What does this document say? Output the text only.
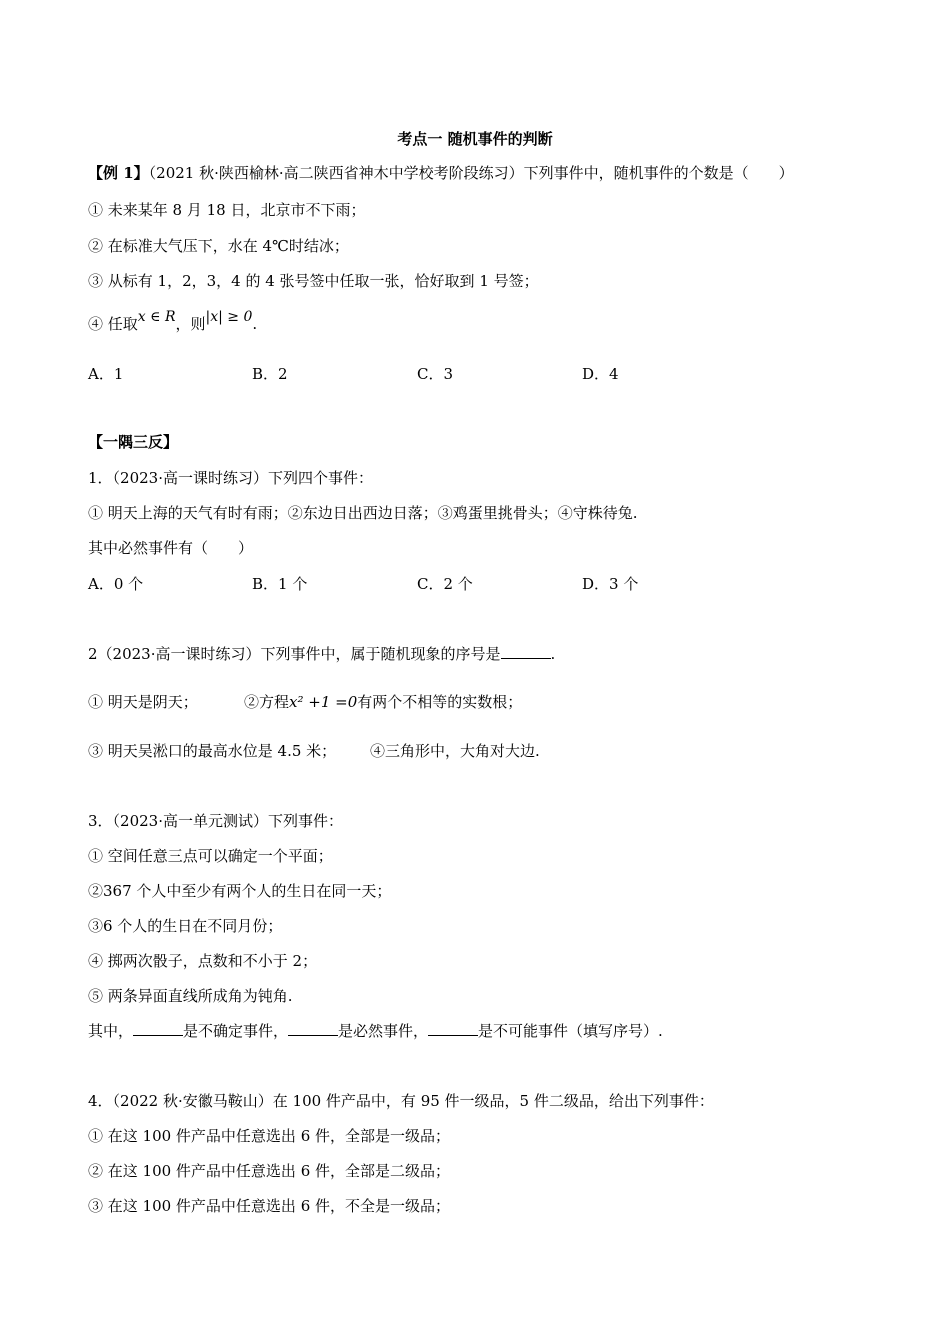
考点一 随机事件的判断
【例 1】（2021 秋·陕西榆林·高二陕西省神木中学校考阶段练习）下列事件中，随机事件的个数是（　　）
① 未来某年 8 月 18 日，北京市不下雨；
② 在标准大气压下，水在 4℃时结冰；
③ 从标有 1，2，3，4 的 4 张号签中任取一张，恰好取到 1 号签；
④ 任取x ∈ R，则|x| ≥ 0.
A．1	B．2	C．3	D．4
【一隅三反】
1．（2023·高一课时练习）下列四个事件：
① 明天上海的天气有时有雨；②东边日出西边日落；③鸡蛋里挑骨头；④守株待兔.
其中必然事件有（　　）
A．0 个	B．1 个	C．2 个	D．3 个
2（2023·高一课时练习）下列事件中，属于随机现象的序号是	.
① 明天是阴天；	②方程x² +1 =0有两个不相等的实数根；
③ 明天吴淞口的最高水位是 4.5 米； ④三角形中，大角对大边.
3．（2023·高一单元测试）下列事件：
① 空间任意三点可以确定一个平面；
②367 个人中至少有两个人的生日在同一天；
③6 个人的生日在不同月份；
④ 掷两次骰子，点数和不小于 2；
⑤ 两条异面直线所成角为钝角.
其中，	是不确定事件，	是必然事件，	是不可能事件（填写序号）.
4．（2022 秋·安徽马鞍山）在 100 件产品中，有 95 件一级品，5 件二级品，给出下列事件：
① 在这 100 件产品中任意选出 6 件，全部是一级品；
② 在这 100 件产品中任意选出 6 件，全部是二级品；
③ 在这 100 件产品中任意选出 6 件，不全是一级品；
